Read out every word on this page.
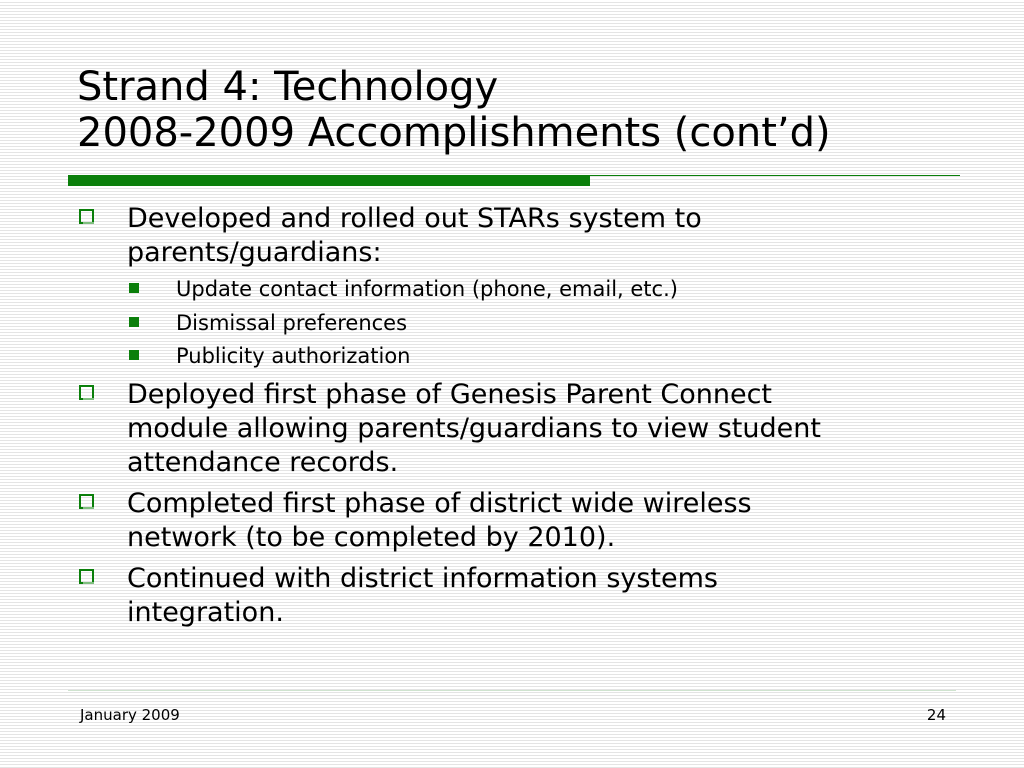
Strand 4: Technology
2008-2009 Accomplishments (cont’d)
Developed and rolled out STARs system to
parents/guardians:
Update contact information (phone, email, etc.)
Dismissal preferences
Publicity authorization
Deployed first phase of Genesis Parent Connect
module allowing parents/guardians to view student
attendance records.
Completed first phase of district wide wireless
network (to be completed by 2010).
Continued with district information systems
integration.
January 2009	24
